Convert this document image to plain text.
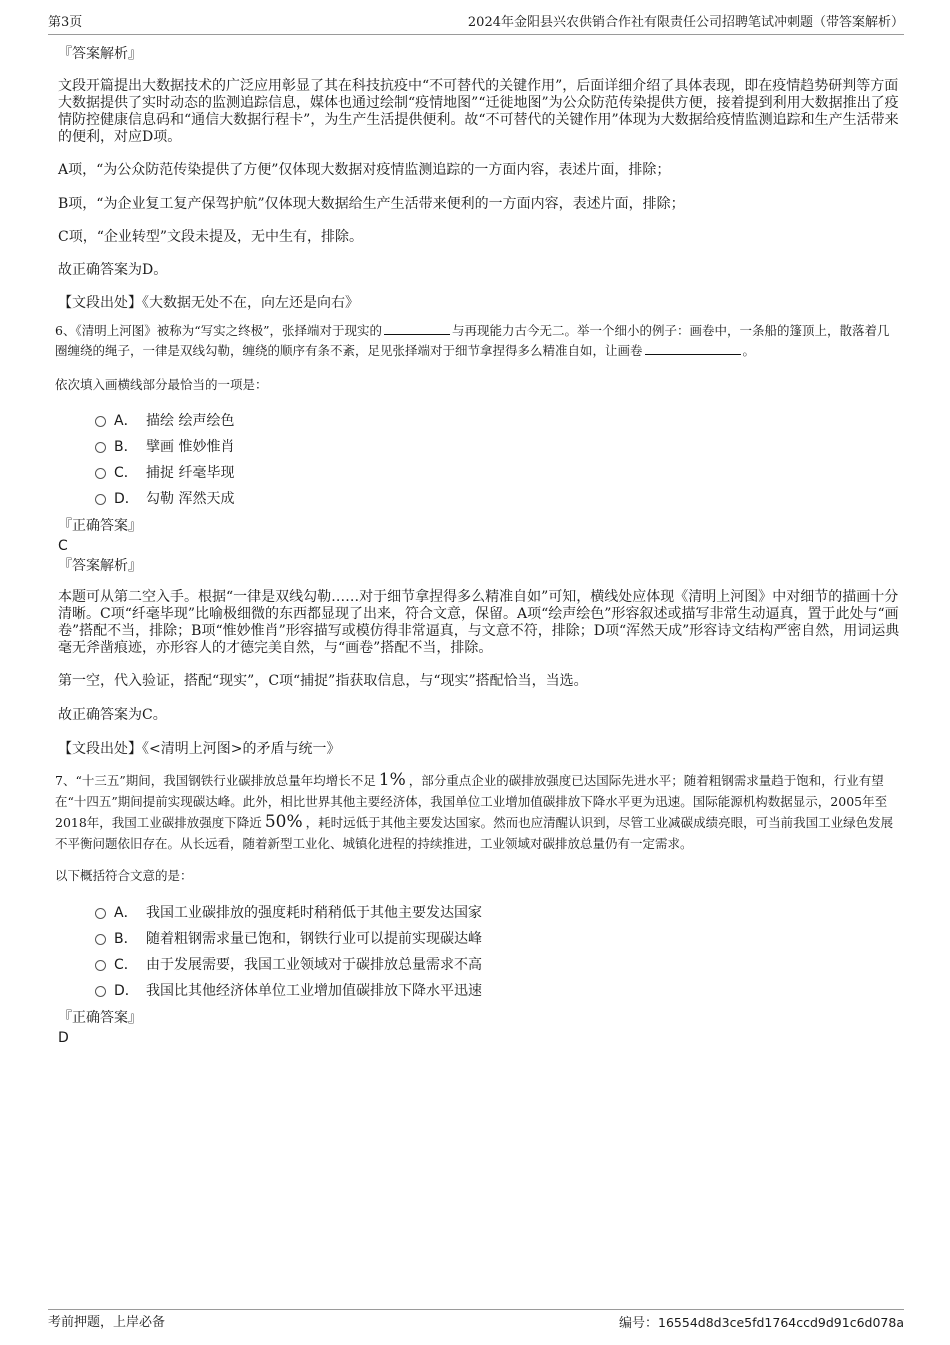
第3页	2024年金阳县兴农供销合作社有限责任公司招聘笔试冲刺题（带答案解析）
『答案解析』

文段开篇提出大数据技术的广泛应用彰显了其在科技抗疫中“不可替代的关键作用”，后面详细介绍了具体表现，即在疫情趋势研判等方面大数据提供了实时动态的监测追踪信息，媒体也通过绘制“疫情地图”“迁徙地图”为公众防范传染提供方便，接着提到利用大数据推出了疫情防控健康信息码和“通信大数据行程卡”，为生产生活提供便利。故“不可替代的关键作用”体现为大数据给疫情监测追踪和生产生活带来的便利，对应D项。

A项，“为公众防范传染提供了方便”仅体现大数据对疫情监测追踪的一方面内容，表述片面，排除；

B项，“为企业复工复产保驾护航”仅体现大数据给生产生活带来便利的一方面内容，表述片面，排除；

C项，“企业转型”文段未提及，无中生有，排除。

故正确答案为D。

【文段出处】《大数据无处不在，向左还是向右》

6、《清明上河图》被称为“写实之终极”，张择端对于现实的	与再现能力古今无二。举一个细小的例子：画卷中，一条船的篷顶上，散落着几圈缠绕的绳子，一律是双线勾勒，缠绕的顺序有条不紊，足见张择端对于细节拿捏得多么精准自如，让画卷	。

依次填入画横线部分最恰当的一项是：

A． 描绘 绘声绘色
B． 擘画 惟妙惟肖
C． 捕捉 纤毫毕现
D． 勾勒 浑然天成
『正确答案』
C
『答案解析』

本题可从第二空入手。根据“一律是双线勾勒……对于细节拿捏得多么精准自如”可知，横线处应体现《清明上河图》中对细节的描画十分清晰。C项“纤毫毕现”比喻极细微的东西都显现了出来，符合文意，保留。A项“绘声绘色”形容叙述或描写非常生动逼真，置于此处与“画卷”搭配不当，排除；B项“惟妙惟肖”形容描写或模仿得非常逼真，与文意不符，排除；D项“浑然天成”形容诗文结构严密自然，用词运典毫无斧凿痕迹，亦形容人的才德完美自然，与“画卷”搭配不当，排除。

第一空，代入验证，搭配“现实”，C项“捕捉”指获取信息，与“现实”搭配恰当，当选。

故正确答案为C。

【文段出处】《<清明上河图>的矛盾与统一》

7、“十三五”期间，我国钢铁行业碳排放总量年均增长不足 1% ，部分重点企业的碳排放强度已达国际先进水平；随着粗钢需求量趋于饱和，行业有望在“十四五”期间提前实现碳达峰。此外，相比世界其他主要经济体，我国单位工业增加值碳排放下降水平更为迅速。国际能源机构数据显示，2005年至2018年，我国工业碳排放强度下降近 50% ，耗时远低于其他主要发达国家。然而也应清醒认识到，尽管工业减碳成绩亮眼，可当前我国工业绿色发展不平衡问题依旧存在。从长远看，随着新型工业化、城镇化进程的持续推进，工业领域对碳排放总量仍有一定需求。

以下概括符合文意的是：

A． 我国工业碳排放的强度耗时稍稍低于其他主要发达国家
B． 随着粗钢需求量已饱和，钢铁行业可以提前实现碳达峰
C． 由于发展需要，我国工业领域对于碳排放总量需求不高
D． 我国比其他经济体单位工业增加值碳排放下降水平迅速
『正确答案』
D
考前押题，上岸必备	编号：16554d8d3ce5fd1764ccd9d91c6d078a
